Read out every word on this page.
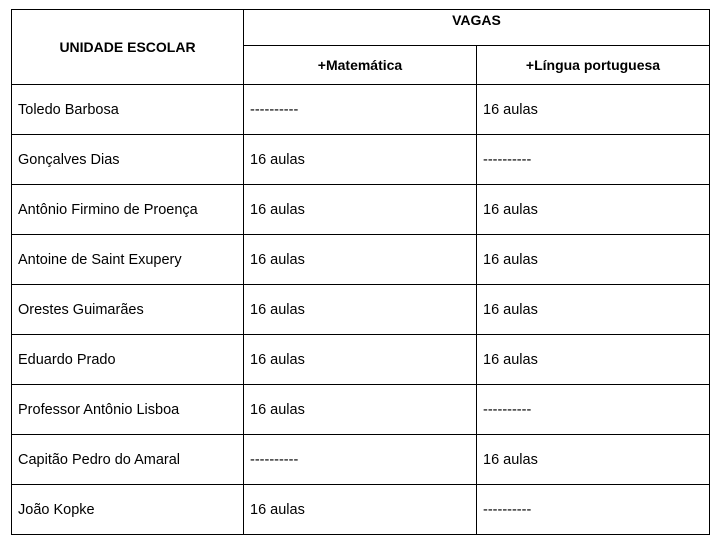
UNIDADE ESCOLAR	VAGAS	
	+Matemática	+Língua portuguesa
Toledo Barbosa	----------	16 aulas
Gonçalves Dias	16 aulas	----------
Antônio Firmino de Proença	16 aulas	16 aulas
Antoine de Saint Exupery	16 aulas	16 aulas
Orestes Guimarães	16 aulas	16 aulas
Eduardo Prado	16 aulas	16 aulas
Professor Antônio Lisboa	16 aulas	----------
Capitão Pedro do Amaral	----------	16 aulas
João Kopke	16 aulas	----------
